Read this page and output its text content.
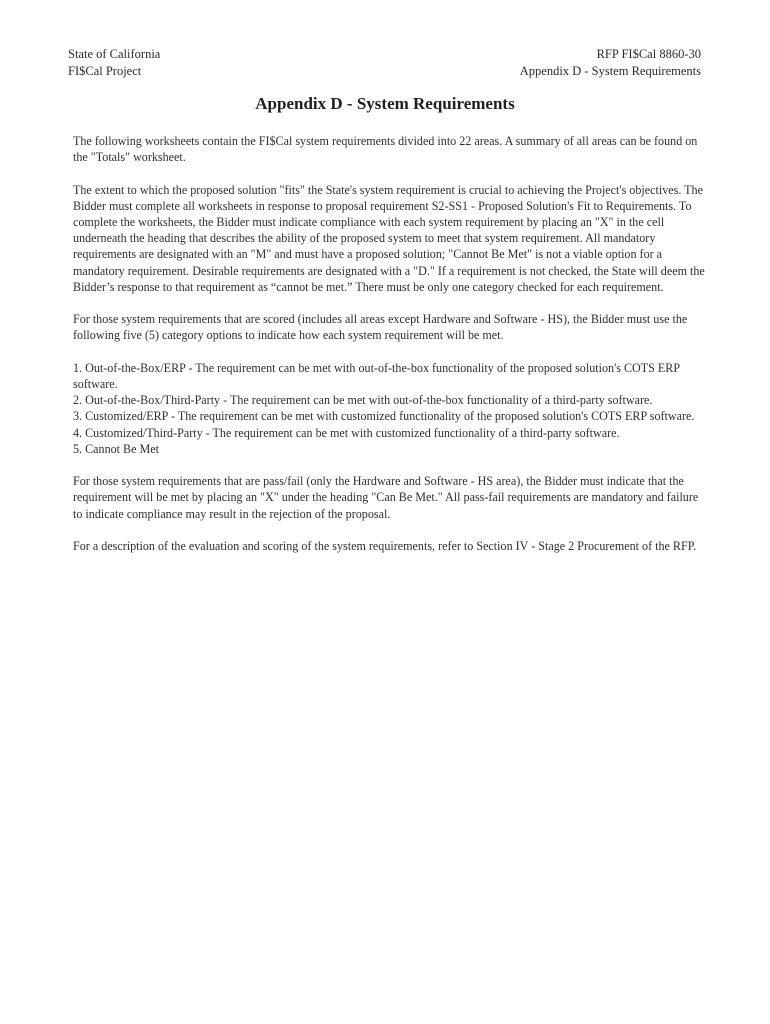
State of California
FI$Cal Project
RFP FI$Cal 8860-30
Appendix D - System Requirements
Appendix D - System Requirements

The following worksheets contain the FI$Cal system requirements divided into 22 areas. A summary of all areas can be found on the "Totals" worksheet.

The extent to which the proposed solution "fits" the State's system requirement is crucial to achieving the Project's objectives. The Bidder must complete all worksheets in response to proposal requirement S2-SS1 - Proposed Solution's Fit to Requirements. To complete the worksheets, the Bidder must indicate compliance with each system requirement by placing an "X" in the cell underneath the heading that describes the ability of the proposed system to meet that system requirement. All mandatory requirements are designated with an "M" and must have a proposed solution; "Cannot Be Met" is not a viable option for a mandatory requirement. Desirable requirements are designated with a "D." If a requirement is not checked, the State will deem the Bidder’s response to that requirement as “cannot be met.” There must be only one category checked for each requirement.

For those system requirements that are scored (includes all areas except Hardware and Software - HS), the Bidder must use the following five (5) category options to indicate how each system requirement will be met.

1. Out-of-the-Box/ERP - The requirement can be met with out-of-the-box functionality of the proposed solution's COTS ERP software.
2. Out-of-the-Box/Third-Party - The requirement can be met with out-of-the-box functionality of a third-party software.
3. Customized/ERP - The requirement can be met with customized functionality of the proposed solution's COTS ERP software.
4. Customized/Third-Party - The requirement can be met with customized functionality of a third-party software.
5. Cannot Be Met

For those system requirements that are pass/fail (only the Hardware and Software - HS area), the Bidder must indicate that the requirement will be met by placing an "X" under the heading "Can Be Met." All pass-fail requirements are mandatory and failure to indicate compliance may result in the rejection of the proposal.

For a description of the evaluation and scoring of the system requirements, refer to Section IV - Stage 2 Procurement of the RFP.
